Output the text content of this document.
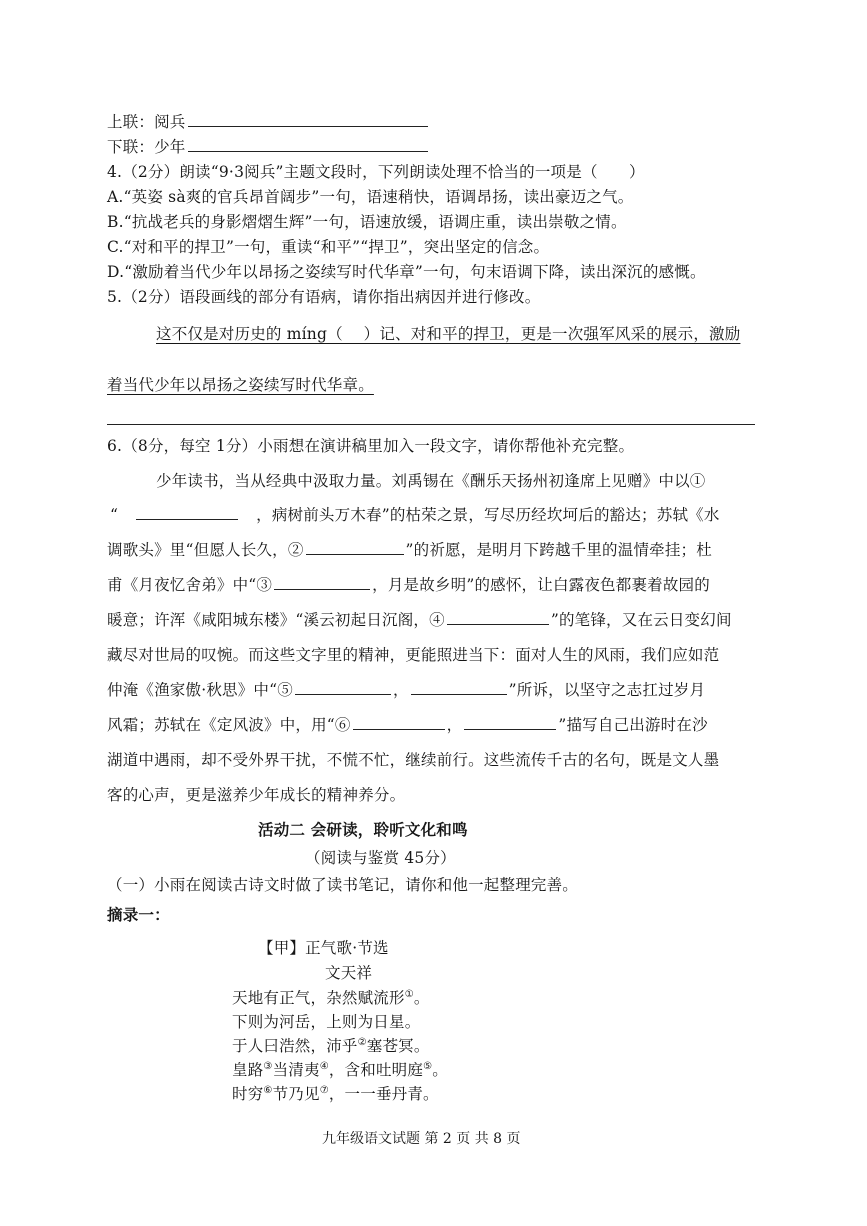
上联：阅兵
下联：少年
4.（2分）朗读“9·3阅兵”主题文段时，下列朗读处理不恰当的一项是（　　）
A.“英姿 sà爽的官兵昂首阔步”一句，语速稍快，语调昂扬，读出豪迈之气。
B.“抗战老兵的身影熠熠生辉”一句，语速放缓，语调庄重，读出崇敬之情。
C.“对和平的捍卫”一句，重读“和平”“捍卫”，突出坚定的信念。
D.“激励着当代少年以昂扬之姿续写时代华章”一句，句末语调下降，读出深沉的感慨。
5.（2分）语段画线的部分有语病，请你指出病因并进行修改。
这不仅是对历史的 míng（　 ）记、对和平的捍卫，更是一次强军风采的展示，激励
着当代少年以昂扬之姿续写时代华章。
6.（8分，每空 1分）小雨想在演讲稿里加入一段文字，请你帮他补充完整。
少年读书，当从经典中汲取力量。刘禹锡在《酬乐天扬州初逢席上见赠》中以①
“	，病树前头万木春”的枯荣之景，写尽历经坎坷后的豁达；苏轼《水
调歌头》里“但愿人长久，②	”的祈愿，是明月下跨越千里的温情牵挂；杜
甫《月夜忆舍弟》中“③	，月是故乡明”的感怀，让白露夜色都裹着故园的
暖意；许浑《咸阳城东楼》“溪云初起日沉阁，④	”的笔锋，又在云日变幻间
藏尽对世局的叹惋。而这些文字里的精神，更能照进当下：面对人生的风雨，我们应如范
仲淹《渔家傲·秋思》中“⑤	，	”所诉，以坚守之志扛过岁月
风霜；苏轼在《定风波》中，用“⑥	，	”描写自己出游时在沙
湖道中遇雨，却不受外界干扰，不慌不忙，继续前行。这些流传千古的名句，既是文人墨
客的心声，更是滋养少年成长的精神养分。
活动二 会研读，聆听文化和鸣
（阅读与鉴赏 45分）
（一）小雨在阅读古诗文时做了读书笔记，请你和他一起整理完善。
摘录一：
【甲】正气歌·节选
文天祥
天地有正气，杂然赋流形①。
下则为河岳，上则为日星。
于人曰浩然，沛乎②塞苍冥。
皇路③当清夷④，含和吐明庭⑤。
时穷⑥节乃见⑦，一一垂丹青。
九年级语文试题 第 2 页 共 8 页
